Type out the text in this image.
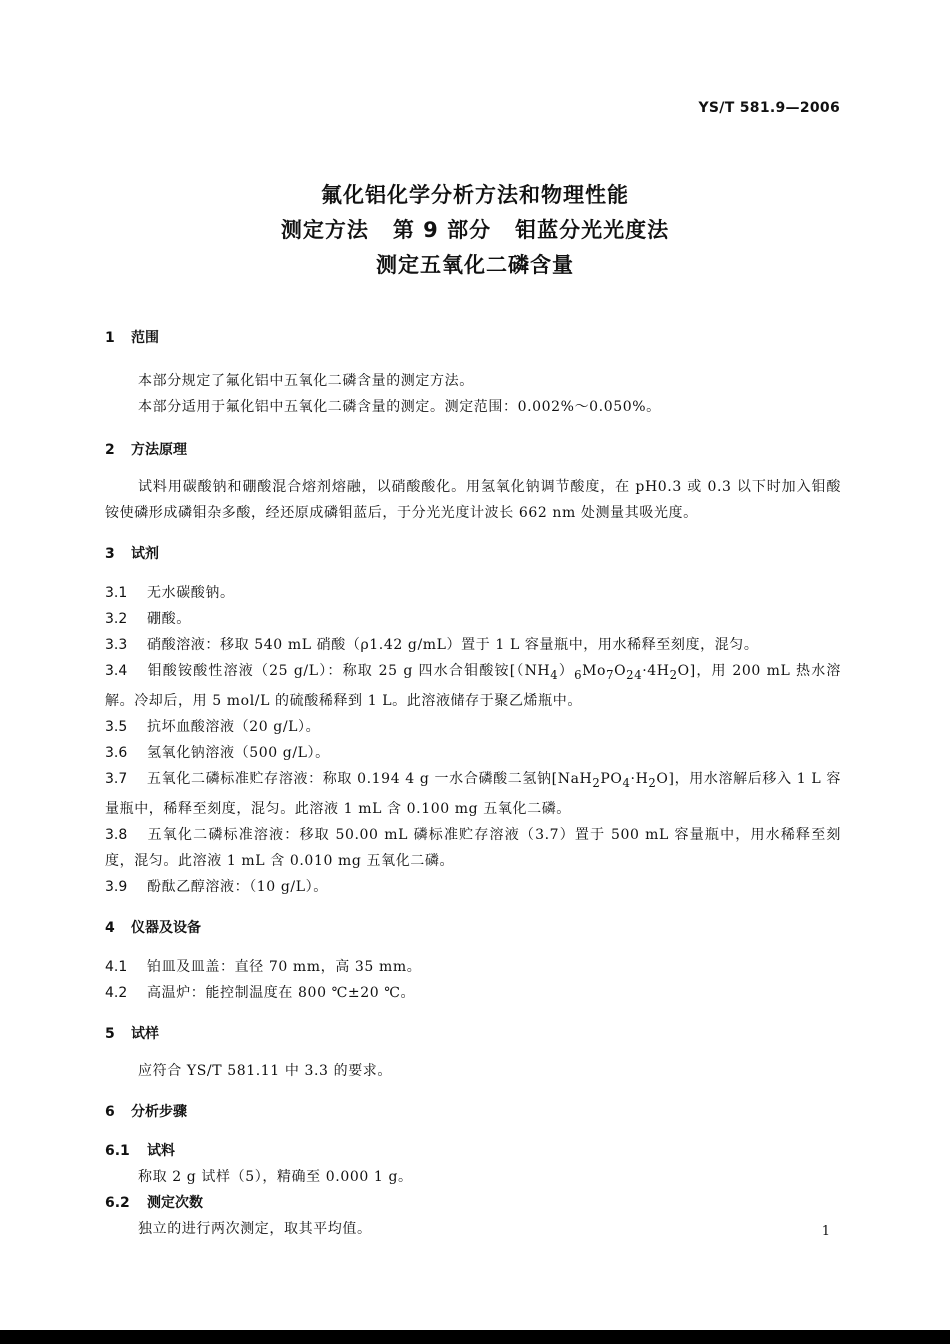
YS/T 581.9—2006
氟化铝化学分析方法和物理性能
测定方法 第 9 部分 钼蓝分光光度法
测定五氧化二磷含量
1 范围
本部分规定了氟化铝中五氧化二磷含量的测定方法。
本部分适用于氟化铝中五氧化二磷含量的测定。测定范围：0.002%～0.050%。
2 方法原理
试料用碳酸钠和硼酸混合熔剂熔融，以硝酸酸化。用氢氧化钠调节酸度，在 pH0.3 或 0.3 以下时加入钼酸铵使磷形成磷钼杂多酸，经还原成磷钼蓝后，于分光光度计波长 662 nm 处测量其吸光度。
3 试剂
3.1 无水碳酸钠。
3.2 硼酸。
3.3 硝酸溶液：移取 540 mL 硝酸（ρ1.42 g/mL）置于 1 L 容量瓶中，用水稀释至刻度，混匀。
3.4 钼酸铵酸性溶液（25 g/L）：称取 25 g 四水合钼酸铵$[(NH_4)_6Mo_7O_{24}\cdot 4H_2O]$，用 200 mL 热水溶解。冷却后，用 5 mol/L 的硫酸稀释到 1 L。此溶液储存于聚乙烯瓶中。
3.5 抗坏血酸溶液（20 g/L）。
3.6 氢氧化钠溶液（500 g/L）。
3.7 五氧化二磷标准贮存溶液：称取 0.194 4 g 一水合磷酸二氢钠$[NaH_2PO_4\cdot H_2O]$，用水溶解后移入 1 L 容量瓶中，稀释至刻度，混匀。此溶液 1 mL 含 0.100 mg 五氧化二磷。
3.8 五氧化二磷标准溶液：移取 50.00 mL 磷标准贮存溶液（3.7）置于 500 mL 容量瓶中，用水稀释至刻度，混匀。此溶液 1 mL 含 0.010 mg 五氧化二磷。
3.9 酚酞乙醇溶液：（10 g/L）。
4 仪器及设备
4.1 铂皿及皿盖：直径 70 mm，高 35 mm。
4.2 高温炉：能控制温度在 800 ℃±20 ℃。
5 试样
应符合 YS/T 581.11 中 3.3 的要求。
6 分析步骤
6.1 试料
称取 2 g 试样（5），精确至 0.000 1 g。
6.2 测定次数
独立的进行两次测定，取其平均值。	1
